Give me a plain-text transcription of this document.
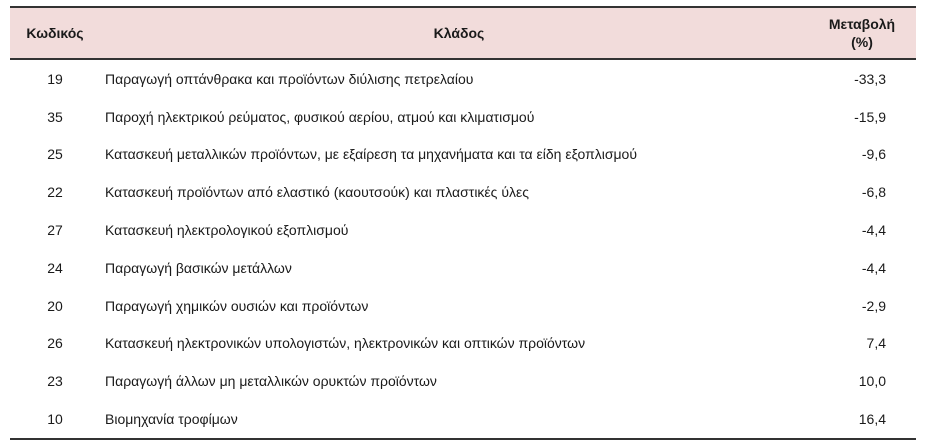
Κωδικός	Κλάδος	Μεταβολή
(%)

19	Παραγωγή οπτάνθρακα και προϊόντων διύλισης πετρελαίου	-33,3
35	Παροχή ηλεκτρικού ρεύματος, φυσικού αερίου, ατμού και κλιματισμού	-15,9
25	Κατασκευή μεταλλικών προϊόντων, με εξαίρεση τα μηχανήματα και τα είδη εξοπλισμού	-9,6
22	Κατασκευή προϊόντων από ελαστικό (καουτσούκ) και πλαστικές ύλες	-6,8
27	Κατασκευή ηλεκτρολογικού εξοπλισμού	-4,4
24	Παραγωγή βασικών μετάλλων	-4,4
20	Παραγωγή χημικών ουσιών και προϊόντων	-2,9
26	Κατασκευή ηλεκτρονικών υπολογιστών, ηλεκτρονικών και οπτικών προϊόντων	7,4
23	Παραγωγή άλλων μη μεταλλικών ορυκτών προϊόντων	10,0
10	Βιομηχανία τροφίμων	16,4
